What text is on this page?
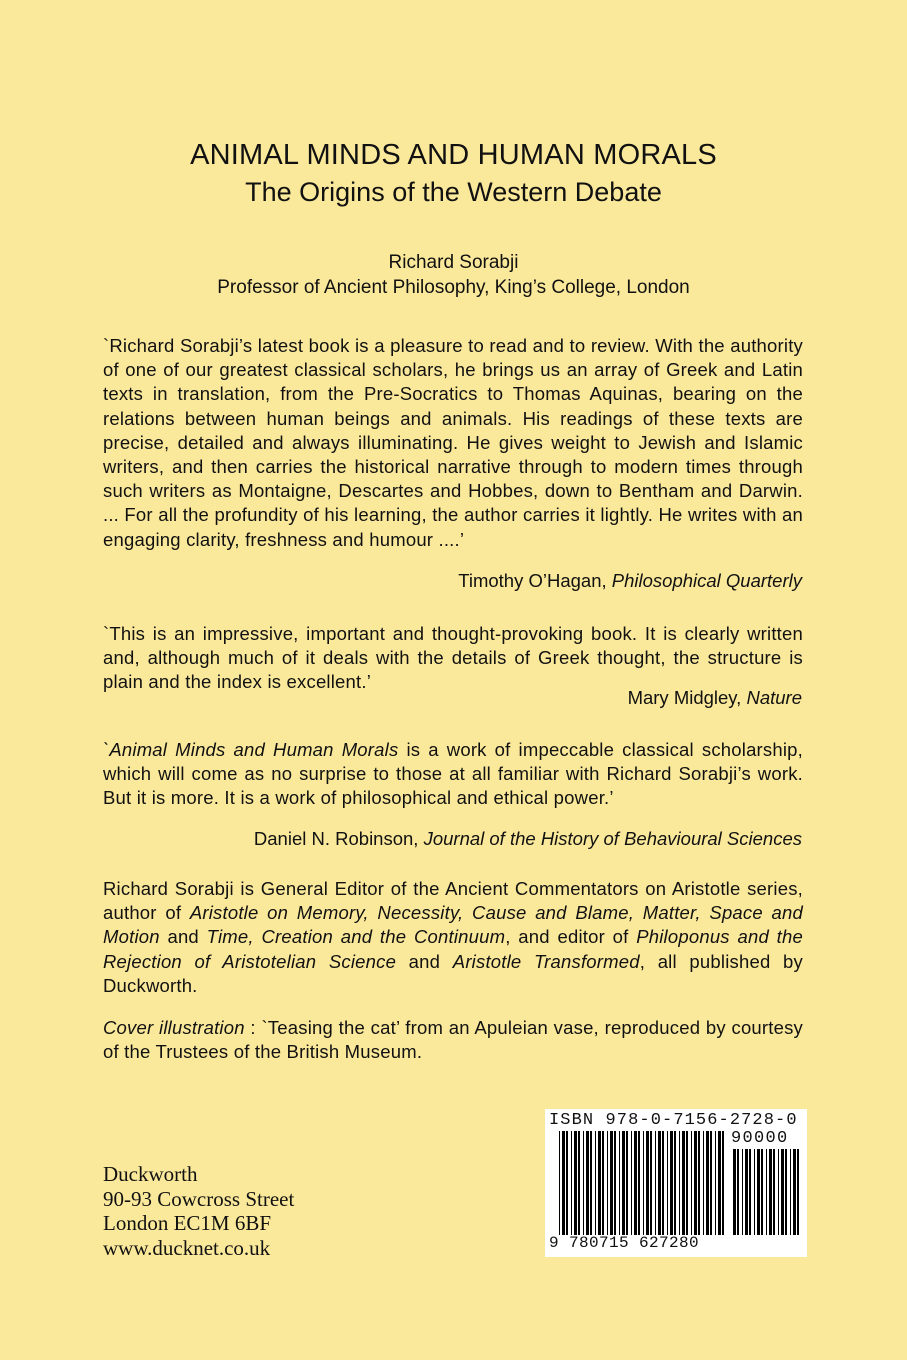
ANIMAL MINDS AND HUMAN MORALS
The Origins of the Western Debate
Richard Sorabji
Professor of Ancient Philosophy, King’s College, London
`Richard Sorabji’s latest book is a pleasure to read and to review. With the authority of one of our greatest classical scholars, he brings us an array of Greek and Latin texts in translation, from the Pre-Socratics to Thomas Aquinas, bearing on the relations between human beings and animals. His readings of these texts are precise, detailed and always illuminating. He gives weight to Jewish and Islamic writers, and then carries the historical narrative through to modern times through such writers as Montaigne, Descartes and Hobbes, down to Bentham and Darwin. ... For all the profundity of his learning, the author carries it lightly. He writes with an engaging clarity, freshness and humour ....’
Timothy O’Hagan, Philosophical Quarterly
`This is an impressive, important and thought-provoking book. It is clearly written and, although much of it deals with the details of Greek thought, the structure is plain and the index is excellent.’
Mary Midgley, Nature
`Animal Minds and Human Morals is a work of impeccable classical scholarship, which will come as no surprise to those at all familiar with Richard Sorabji’s work. But it is more. It is a work of philosophical and ethical power.’
Daniel N. Robinson, Journal of the History of Behavioural Sciences
Richard Sorabji is General Editor of the Ancient Commentators on Aristotle series, author of Aristotle on Memory, Necessity, Cause and Blame, Matter, Space and Motion and Time, Creation and the Continuum, and editor of Philoponus and the Rejection of Aristotelian Science and Aristotle Transformed, all published by Duckworth.
Cover illustration : `Teasing the cat’ from an Apuleian vase, reproduced by courtesy of the Trustees of the British Museum.
Duckworth
90-93 Cowcross Street
London EC1M 6BF
www.ducknet.co.uk
ISBN 978-0-7156-2728-0
90000
9 780715 627280
